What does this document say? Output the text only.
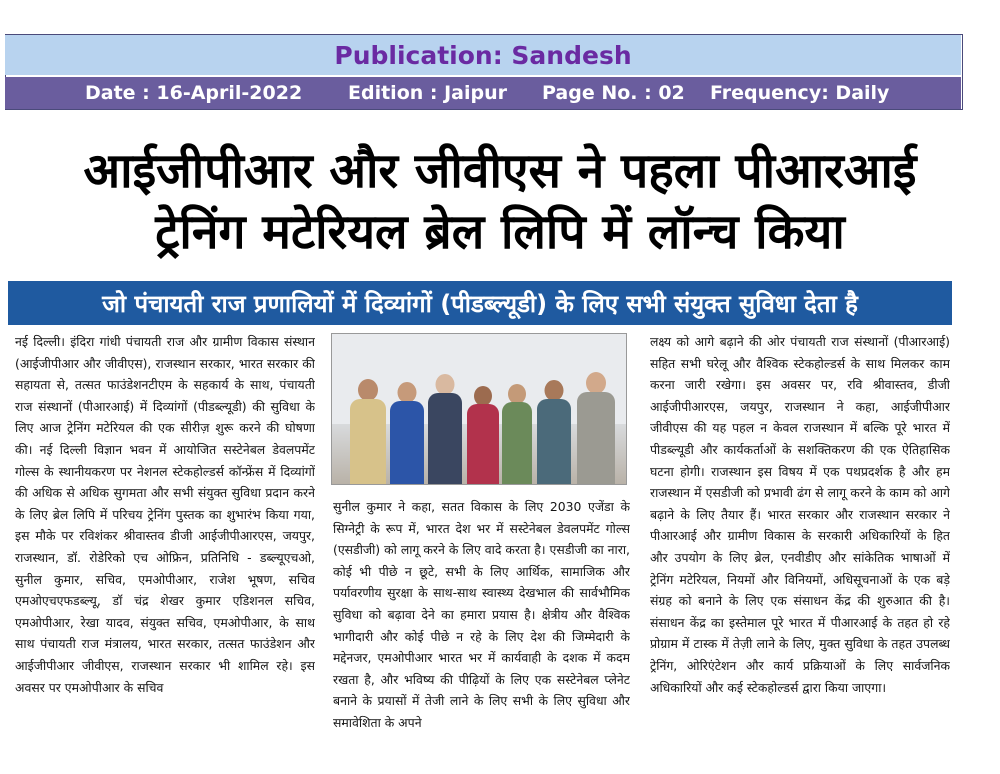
Publication: Sandesh
Date : 16-April-2022 Edition : Jaipur Page No. : 02 Frequency: Daily
आईजीपीआर और जीवीएस ने पहला पीआरआई
ट्रेनिंग मटेरियल ब्रेल लिपि में लॉन्च किया
जो पंचायती राज प्रणालियों में दिव्यांगों (पीडब्ल्यूडी) के लिए सभी संयुक्त सुविधा देता है

नई दिल्ली। इंदिरा गांधी पंचायती राज और ग्रामीण विकास संस्थान (आईजीपीआर और जीवीएस), राजस्थान सरकार, भारत सरकार की सहायता से, तत्सत फाउंडेशनटीएम के सहकार्य के साथ, पंचायती राज संस्थानों (पीआरआई) में दिव्यांगों (पीडब्ल्यूडी) की सुविधा के लिए आज ट्रेनिंग मटेरियल की एक सीरीज़ शुरू करने की घोषणा की। नई दिल्ली विज्ञान भवन में आयोजित सस्टेनेबल डेवलपमेंट गोल्स के स्थानीयकरण पर नेशनल स्टेकहोल्डर्स कॉन्फ्रेंस में दिव्यांगों की अधिक से अधिक सुगमता और सभी संयुक्त सुविधा प्रदान करने के लिए ब्रेल लिपि में परिचय ट्रेनिंग पुस्तक का शुभारंभ किया गया, इस मौके पर रविशंकर श्रीवास्तव डीजी आईजीपीआरएस, जयपुर, राजस्थान, डॉ. रोडेरिको एच ओफ्रिन, प्रतिनिधि - डब्ल्यूएचओ, सुनील कुमार, सचिव, एमओपीआर, राजेश भूषण, सचिव एमओएचएफडब्ल्यू, डॉ चंद्र शेखर कुमार एडिशनल सचिव, एमओपीआर, रेखा यादव, संयुक्त सचिव, एमओपीआर, के साथ साथ पंचायती राज मंत्रालय, भारत सरकार, तत्सत फाउंडेशन और आईजीपीआर जीवीएस, राजस्थान सरकार भी शामिल रहे। इस अवसर पर एमओपीआर के सचिव

सुनील कुमार ने कहा, सतत विकास के लिए 2030 एजेंडा के सिग्नेट्री के रूप में, भारत देश भर में सस्टेनेबल डेवलपमेंट गोल्स (एसडीजी) को लागू करने के लिए वादे करता है। एसडीजी का नारा, कोई भी पीछे न छूटे, सभी के लिए आर्थिक, सामाजिक और पर्यावरणीय सुरक्षा के साथ-साथ स्वास्थ्य देखभाल की सार्वभौमिक सुविधा को बढ़ावा देने का हमारा प्रयास है। क्षेत्रीय और वैश्विक भागीदारी और कोई पीछे न रहे के लिए देश की जिम्मेदारी के मद्देनजर, एमओपीआर भारत भर में कार्यवाही के दशक में कदम रखता है, और भविष्य की पीढ़ियों के लिए एक सस्टेनेबल प्लेनेट बनाने के प्रयासों में तेजी लाने के लिए सभी के लिए सुविधा और समावेशिता के अपने

लक्ष्य को आगे बढ़ाने की ओर पंचायती राज संस्थानों (पीआरआई) सहित सभी घरेलू और वैश्विक स्टेकहोल्डर्स के साथ मिलकर काम करना जारी रखेगा। इस अवसर पर, रवि श्रीवास्तव, डीजी आईजीपीआरएस, जयपुर, राजस्थान ने कहा, आईजीपीआर जीवीएस की यह पहल न केवल राजस्थान में बल्कि पूरे भारत में पीडब्ल्यूडी और कार्यकर्ताओं के सशक्तिकरण की एक ऐतिहासिक घटना होगी। राजस्थान इस विषय में एक पथप्रदर्शक है और हम राजस्थान में एसडीजी को प्रभावी ढंग से लागू करने के काम को आगे बढ़ाने के लिए तैयार हैं। भारत सरकार और राजस्थान सरकार ने पीआरआई और ग्रामीण विकास के सरकारी अधिकारियों के हित और उपयोग के लिए ब्रेल, एनवीडीए और सांकेतिक भाषाओं में ट्रेनिंग मटेरियल, नियमों और विनियमों, अधिसूचनाओं के एक बड़े संग्रह को बनाने के लिए एक संसाधन केंद्र की शुरुआत की है। संसाधन केंद्र का इस्तेमाल पूरे भारत में पीआरआई के तहत हो रहे प्रोग्राम में टास्क में तेज़ी लाने के लिए, मुक्त सुविधा के तहत उपलब्ध ट्रेनिंग, ओरिएंटेशन और कार्य प्रक्रियाओं के लिए सार्वजनिक अधिकारियों और कई स्टेकहोल्डर्स द्वारा किया जाएगा।
